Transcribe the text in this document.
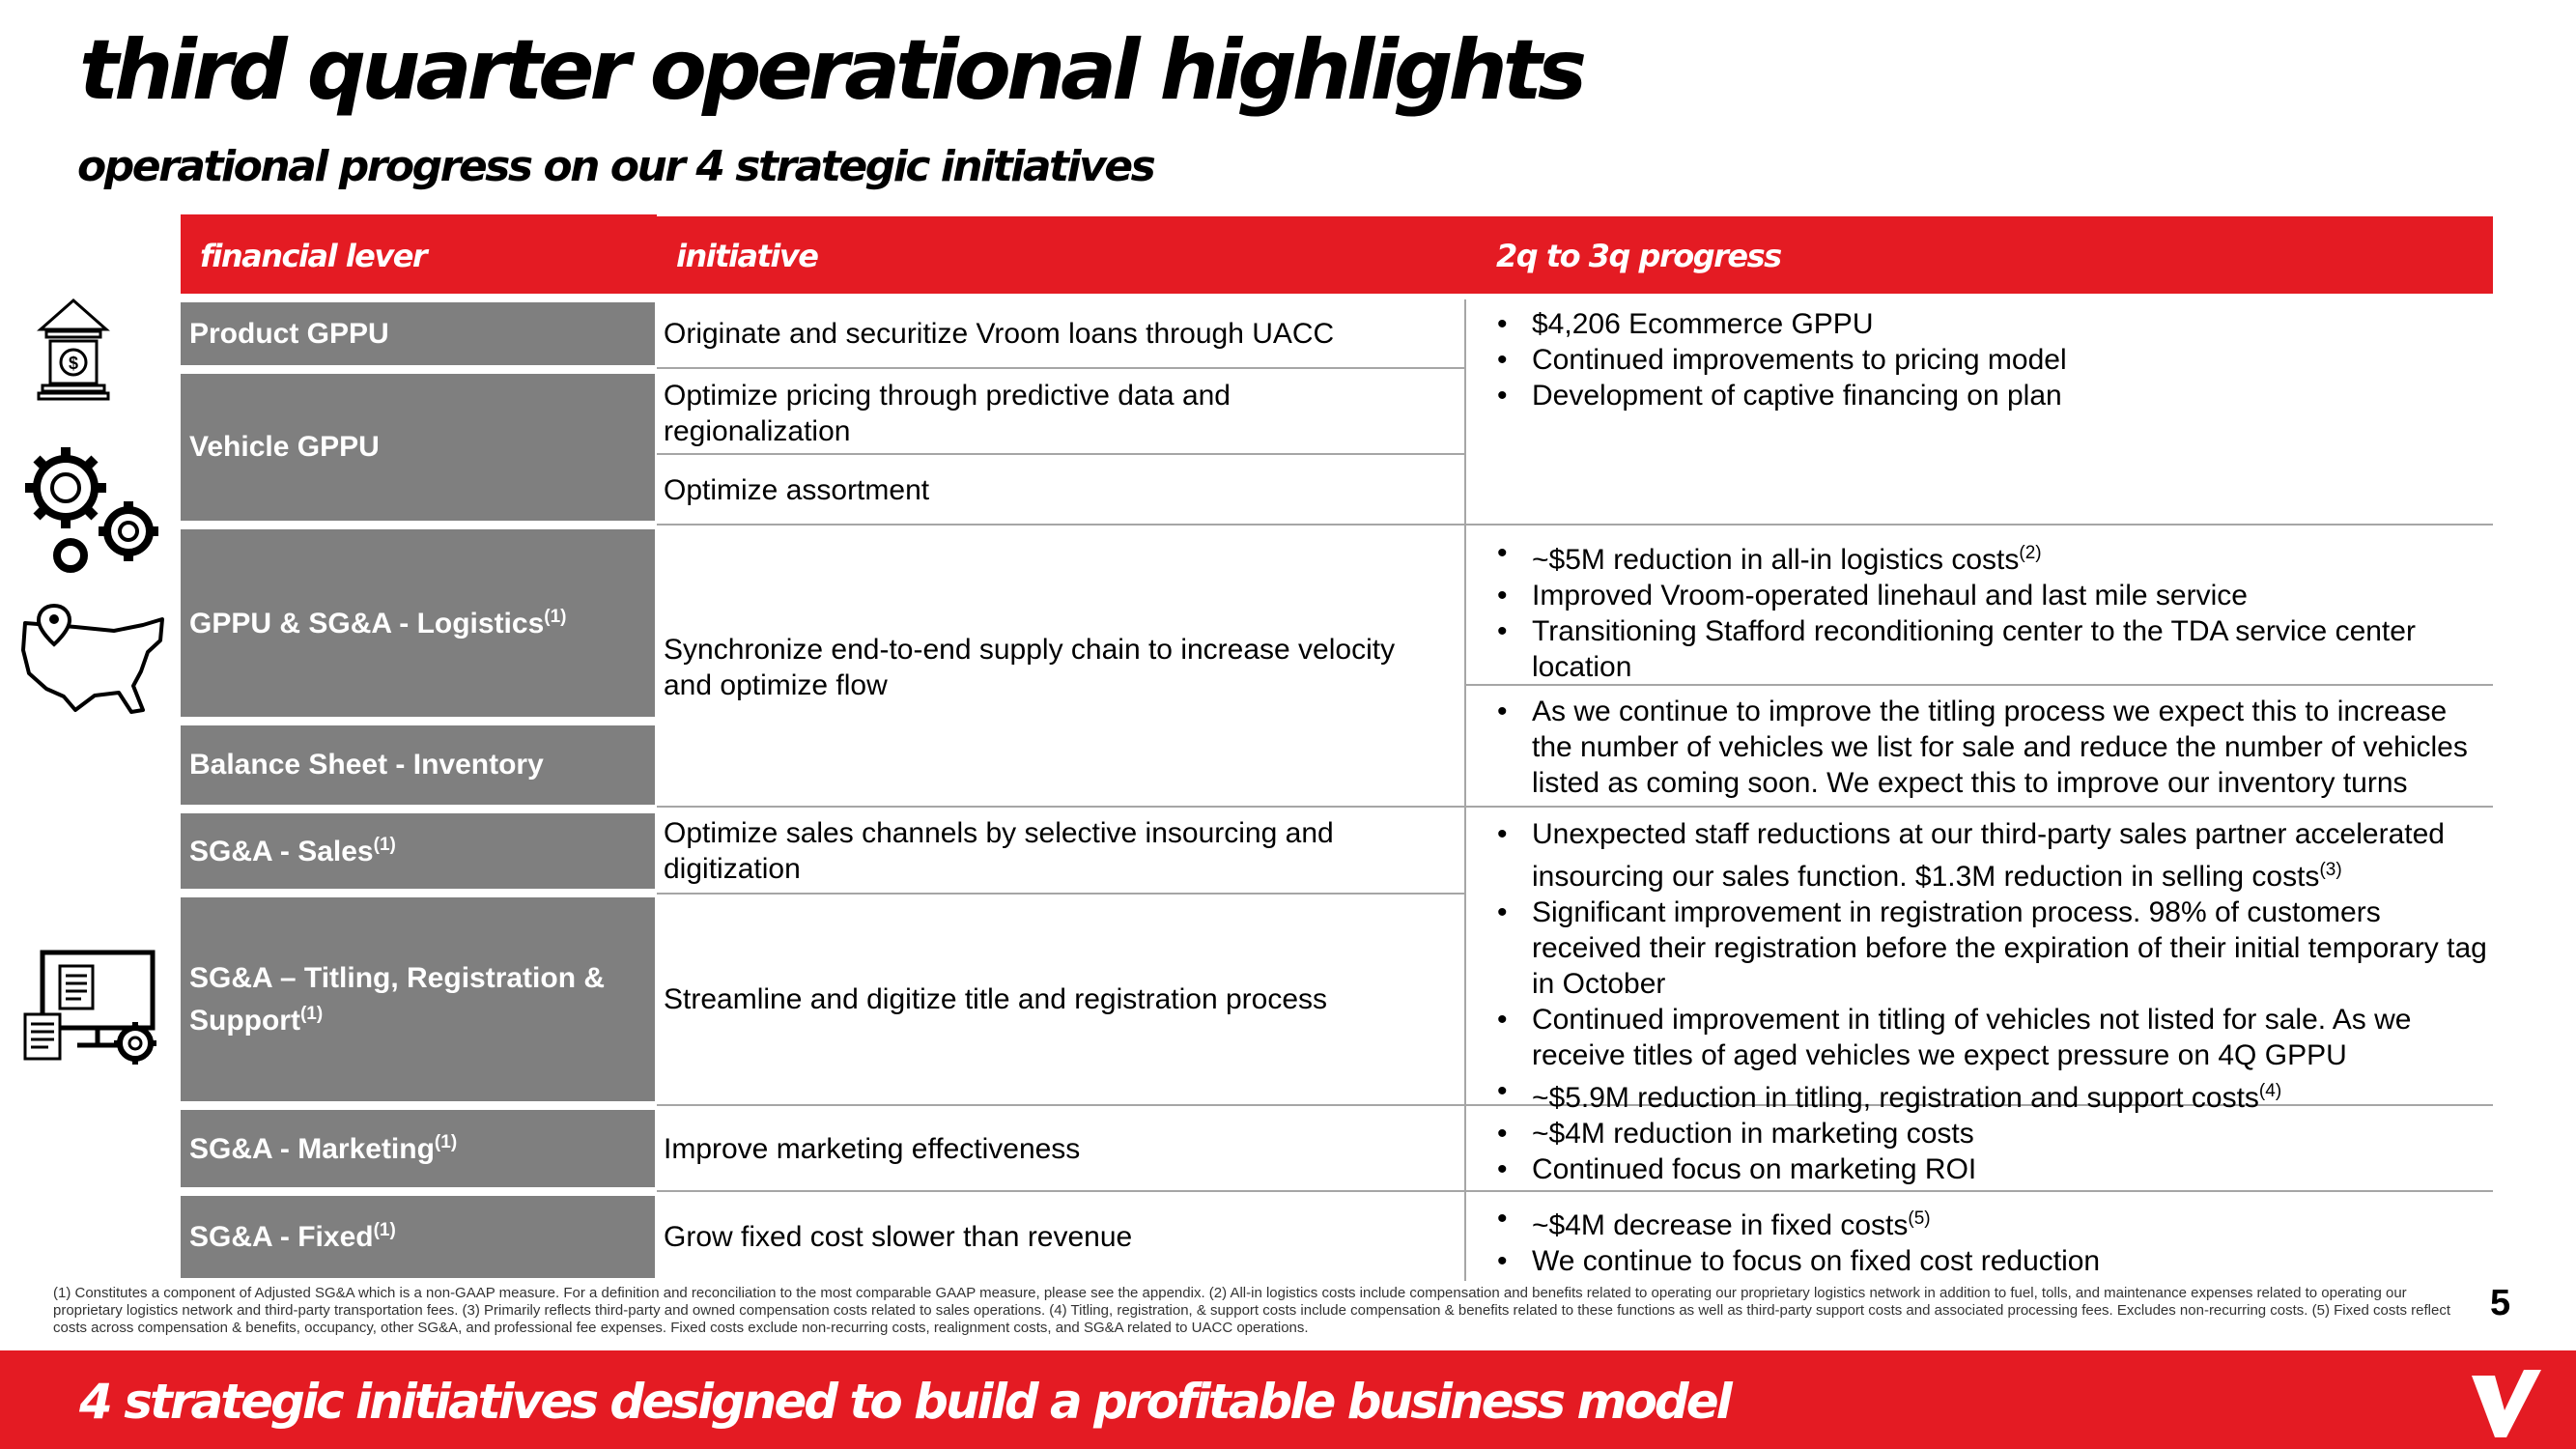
third quarter operational highlights
operational progress on our 4 strategic initiatives
financial lever	initiative	2q to 3q progress
$
Product GPPU
Vehicle GPPU
GPPU & SG&A - Logistics$^{(1)}$
Balance Sheet - Inventory
SG&A - Sales$^{(1)}$
SG&A – Titling, Registration &
Support$^{(1)}$
SG&A - Marketing$^{(1)}$
SG&A - Fixed$^{(1)}$
Originate and securitize Vroom loans through UACC
Optimize pricing through predictive data and regionalization
Optimize assortment
Synchronize end-to-end supply chain to increase velocity and optimize flow
Optimize sales channels by selective insourcing and digitization
Streamline and digitize title and registration process
Improve marketing effectiveness
Grow fixed cost slower than revenue
• $4,206 Ecommerce GPPU
• Continued improvements to pricing model
• Development of captive financing on plan
• ~$5M reduction in all-in logistics costs$^{(2)}$
• Improved Vroom-operated linehaul and last mile service
• Transitioning Stafford reconditioning center to the TDA service center location
• As we continue to improve the titling process we expect this to increase the number of vehicles we list for sale and reduce the number of vehicles listed as coming soon. We expect this to improve our inventory turns
• Unexpected staff reductions at our third-party sales partner accelerated insourcing our sales function. $1.3M reduction in selling costs$^{(3)}$
• Significant improvement in registration process. 98% of customers received their registration before the expiration of their initial temporary tag in October
• Continued improvement in titling of vehicles not listed for sale. As we receive titles of aged vehicles we expect pressure on 4Q GPPU
• ~$5.9M reduction in titling, registration and support costs$^{(4)}$
• ~$4M reduction in marketing costs
• Continued focus on marketing ROI
• ~$4M decrease in fixed costs$^{(5)}$
• We continue to focus on fixed cost reduction
(1) Constitutes a component of Adjusted SG&A which is a non-GAAP measure. For a definition and reconciliation to the most comparable GAAP measure, please see the appendix. (2) All-in logistics costs include compensation and benefits related to operating our proprietary logistics network in addition to fuel, tolls, and maintenance expenses related to operating our proprietary logistics network and third-party transportation fees. (3) Primarily reflects third-party and owned compensation costs related to sales operations. (4) Titling, registration, & support costs include compensation & benefits related to these functions as well as third-party support costs and associated processing fees. Excludes non-recurring costs. (5) Fixed costs reflect costs across compensation & benefits, occupancy, other SG&A, and professional fee expenses. Fixed costs exclude non-recurring costs, realignment costs, and SG&A related to UACC operations.
5
4 strategic initiatives designed to build a profitable business model
